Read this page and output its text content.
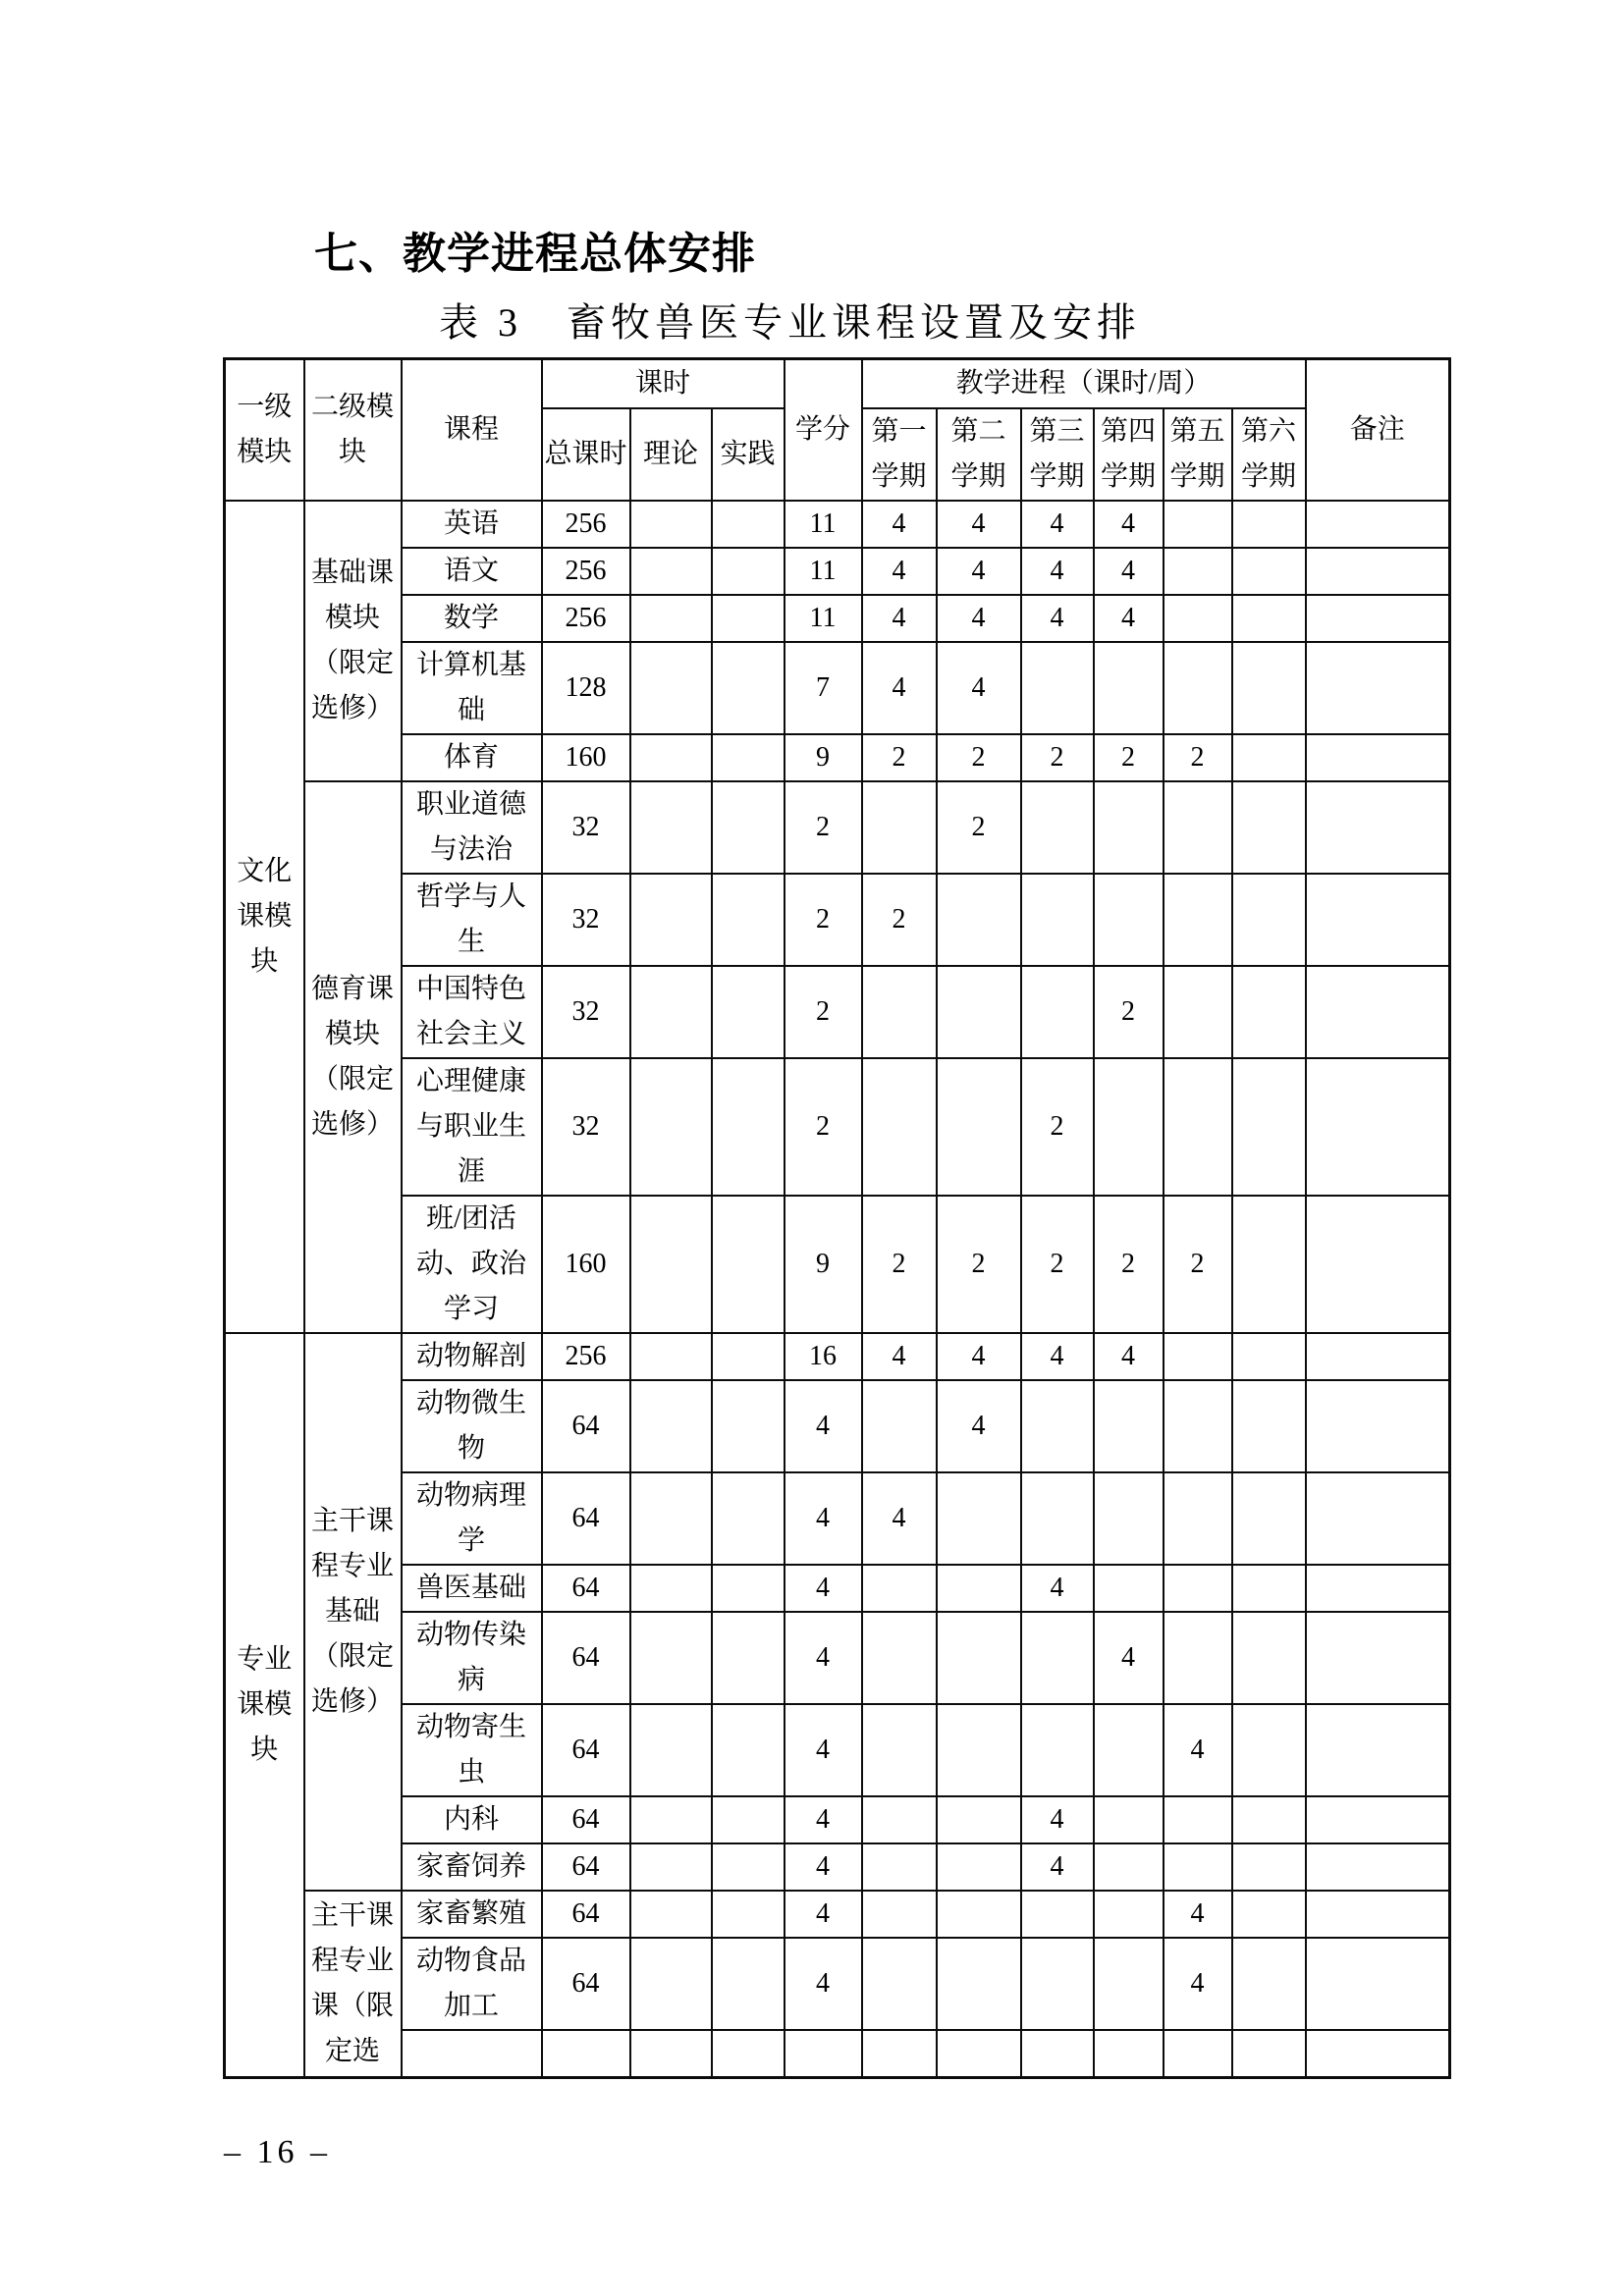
七、教学进程总体安排
表 3　畜牧兽医专业课程设置及安排
一级模块	二级模块	课程	课时			学分	教学进程（课时/周）						备注
			总课时	理论	实践		第一学期	第二学期	第三学期	第四学期	第五学期	第六学期	
文化课模块	基础课模块（限定选修）	英语	256			11	4	4	4	4			
		语文	256			11	4	4	4	4			
		数学	256			11	4	4	4	4			
		计算机基础	128			7	4	4					
		体育	160			9	2	2	2	2	2		
	德育课模块（限定选修）	职业道德与法治	32			2		2					
		哲学与人生	32			2	2						
		中国特色社会主义	32			2				2			
		心理健康与职业生涯	32			2			2				
		班/团活动、政治学习	160			9	2	2	2	2	2		
专业课模块	主干课程专业基础（限定选修）	动物解剖	256			16	4	4	4	4			
		动物微生物	64			4		4					
		动物病理学	64			4	4						
		兽医基础	64			4			4				
		动物传染病	64			4				4			
		动物寄生虫	64			4					4		
		内科	64			4			4				
		家畜饲养	64			4			4				
	主干课程专业课（限定选	家畜繁殖	64			4					4		
		动物食品加工	64			4					4		

– 16 –
